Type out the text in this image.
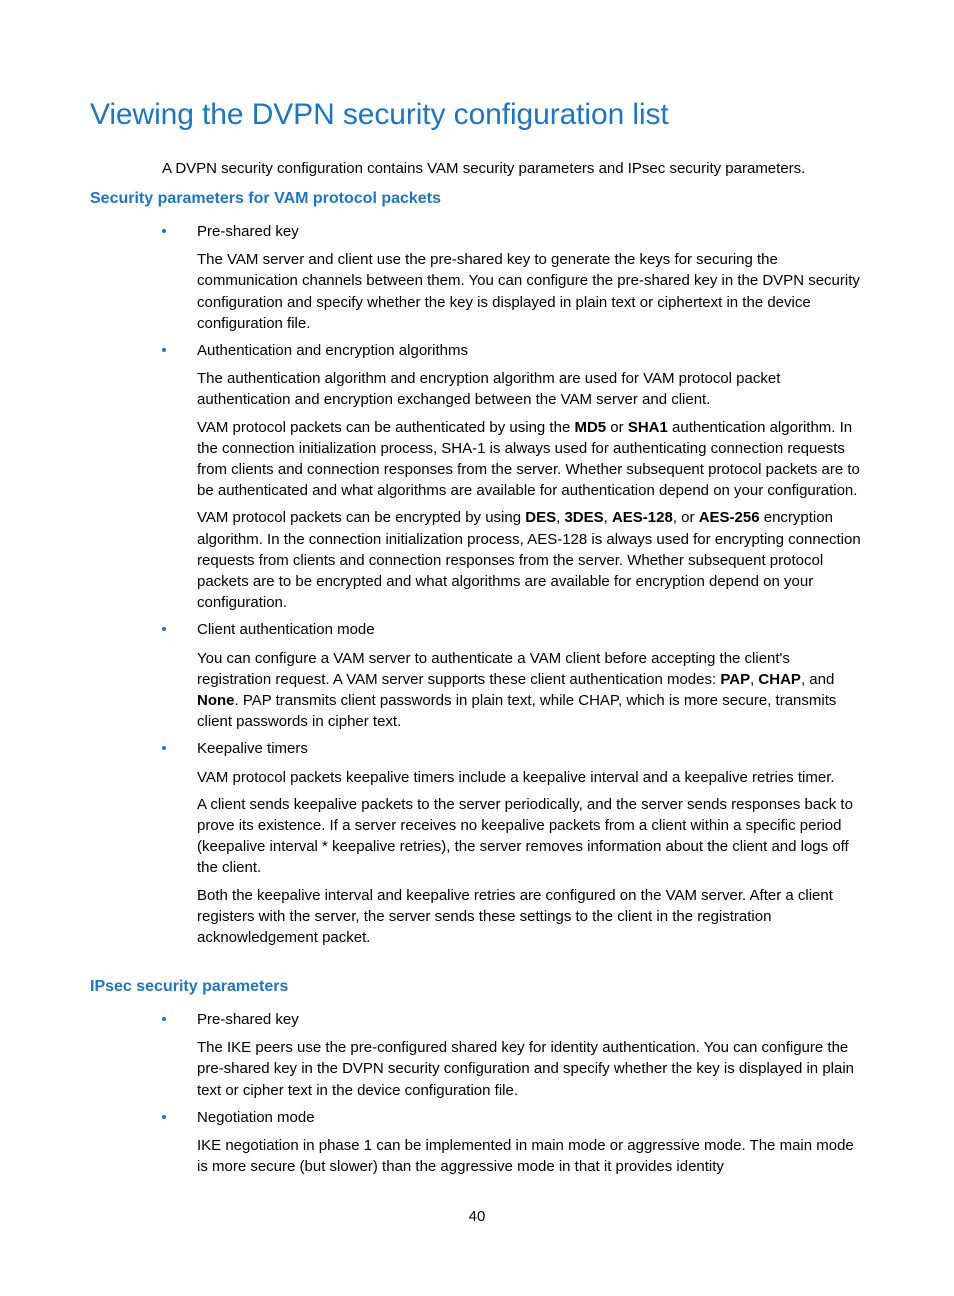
Viewing the DVPN security configuration list

A DVPN security configuration contains VAM security parameters and IPsec security parameters.

Security parameters for VAM protocol packets
Pre-shared key

The VAM server and client use the pre-shared key to generate the keys for securing the communication channels between them. You can configure the pre-shared key in the DVPN security configuration and specify whether the key is displayed in plain text or ciphertext in the device configuration file.

Authentication and encryption algorithms

The authentication algorithm and encryption algorithm are used for VAM protocol packet authentication and encryption exchanged between the VAM server and client.

VAM protocol packets can be authenticated by using the MD5 or SHA1 authentication algorithm. In the connection initialization process, SHA-1 is always used for authenticating connection requests from clients and connection responses from the server. Whether subsequent protocol packets are to be authenticated and what algorithms are available for authentication depend on your configuration.

VAM protocol packets can be encrypted by using DES, 3DES, AES-128, or AES-256 encryption algorithm. In the connection initialization process, AES-128 is always used for encrypting connection requests from clients and connection responses from the server. Whether subsequent protocol packets are to be encrypted and what algorithms are available for encryption depend on your configuration.

Client authentication mode

You can configure a VAM server to authenticate a VAM client before accepting the client's registration request. A VAM server supports these client authentication modes: PAP, CHAP, and None. PAP transmits client passwords in plain text, while CHAP, which is more secure, transmits client passwords in cipher text.

Keepalive timers

VAM protocol packets keepalive timers include a keepalive interval and a keepalive retries timer.

A client sends keepalive packets to the server periodically, and the server sends responses back to prove its existence. If a server receives no keepalive packets from a client within a specific period (keepalive interval * keepalive retries), the server removes information about the client and logs off the client.

Both the keepalive interval and keepalive retries are configured on the VAM server. After a client registers with the server, the server sends these settings to the client in the registration acknowledgement packet.

IPsec security parameters
Pre-shared key

The IKE peers use the pre-configured shared key for identity authentication. You can configure the pre-shared key in the DVPN security configuration and specify whether the key is displayed in plain text or cipher text in the device configuration file.

Negotiation mode

IKE negotiation in phase 1 can be implemented in main mode or aggressive mode. The main mode is more secure (but slower) than the aggressive mode in that it provides identity

40
